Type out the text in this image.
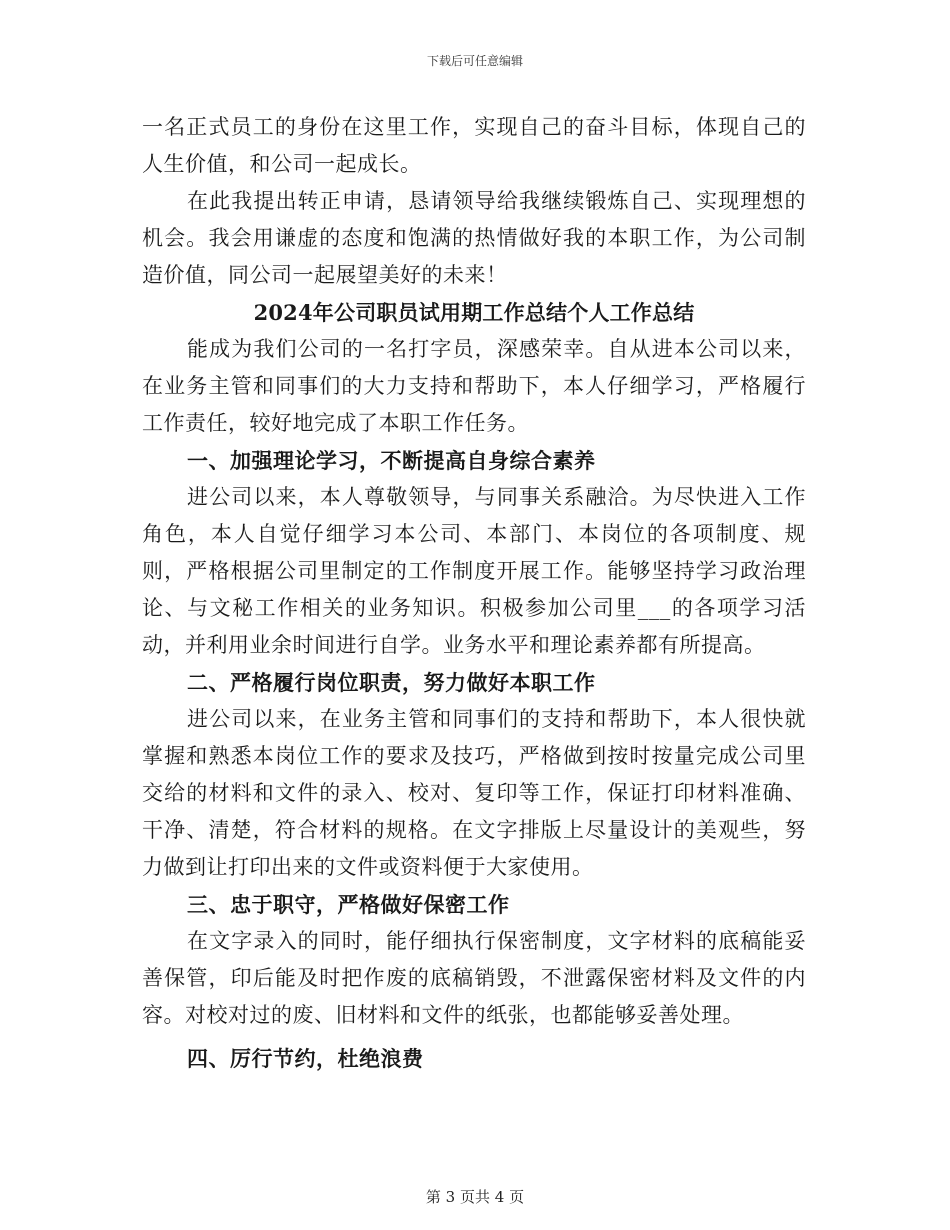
下载后可任意编辑

一名正式员工的身份在这里工作，实现自己的奋斗目标，体现自己的人生价值，和公司一起成长。

在此我提出转正申请，恳请领导给我继续锻炼自己、实现理想的机会。我会用谦虚的态度和饱满的热情做好我的本职工作，为公司制造价值，同公司一起展望美好的未来！

2024年公司职员试用期工作总结个人工作总结

能成为我们公司的一名打字员，深感荣幸。自从进本公司以来，在业务主管和同事们的大力支持和帮助下，本人仔细学习，严格履行工作责任，较好地完成了本职工作任务。

一、加强理论学习，不断提高自身综合素养

进公司以来，本人尊敬领导，与同事关系融洽。为尽快进入工作角色，本人自觉仔细学习本公司、本部门、本岗位的各项制度、规则，严格根据公司里制定的工作制度开展工作。能够坚持学习政治理论、与文秘工作相关的业务知识。积极参加公司里___的各项学习活动，并利用业余时间进行自学。业务水平和理论素养都有所提高。

二、严格履行岗位职责，努力做好本职工作

进公司以来，在业务主管和同事们的支持和帮助下，本人很快就掌握和熟悉本岗位工作的要求及技巧，严格做到按时按量完成公司里交给的材料和文件的录入、校对、复印等工作，保证打印材料准确、干净、清楚，符合材料的规格。在文字排版上尽量设计的美观些，努力做到让打印出来的文件或资料便于大家使用。

三、忠于职守，严格做好保密工作

在文字录入的同时，能仔细执行保密制度，文字材料的底稿能妥善保管，印后能及时把作废的底稿销毁，不泄露保密材料及文件的内容。对校对过的废、旧材料和文件的纸张，也都能够妥善处理。

四、厉行节约，杜绝浪费

第 3 页共 4 页
